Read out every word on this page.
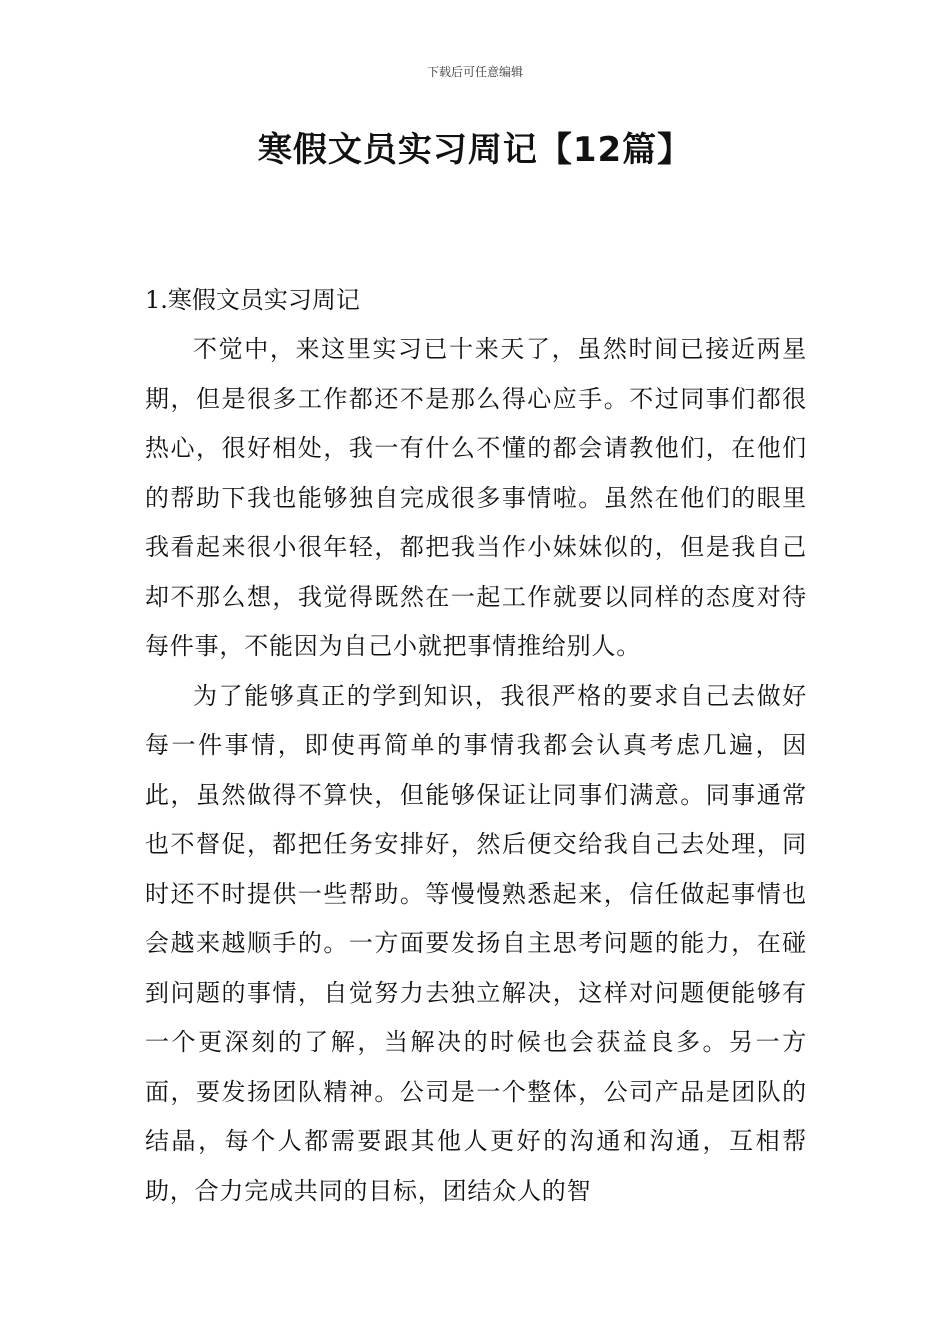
下载后可任意编辑
寒假文员实习周记【12篇】

1.寒假文员实习周记

不觉中，来这里实习已十来天了，虽然时间已接近两星期，但是很多工作都还不是那么得心应手。不过同事们都很热心，很好相处，我一有什么不懂的都会请教他们，在他们的帮助下我也能够独自完成很多事情啦。虽然在他们的眼里我看起来很小很年轻，都把我当作小妹妹似的，但是我自己却不那么想，我觉得既然在一起工作就要以同样的态度对待每件事，不能因为自己小就把事情推给别人。

为了能够真正的学到知识，我很严格的要求自己去做好每一件事情，即使再简单的事情我都会认真考虑几遍，因此，虽然做得不算快，但能够保证让同事们满意。同事通常也不督促，都把任务安排好，然后便交给我自己去处理，同时还不时提供一些帮助。等慢慢熟悉起来，信任做起事情也会越来越顺手的。一方面要发扬自主思考问题的能力，在碰到问题的事情，自觉努力去独立解决，这样对问题便能够有一个更深刻的了解，当解决的时候也会获益良多。另一方面，要发扬团队精神。公司是一个整体，公司产品是团队的结晶，每个人都需要跟其他人更好的沟通和沟通，互相帮助，合力完成共同的目标，团结众人的智
